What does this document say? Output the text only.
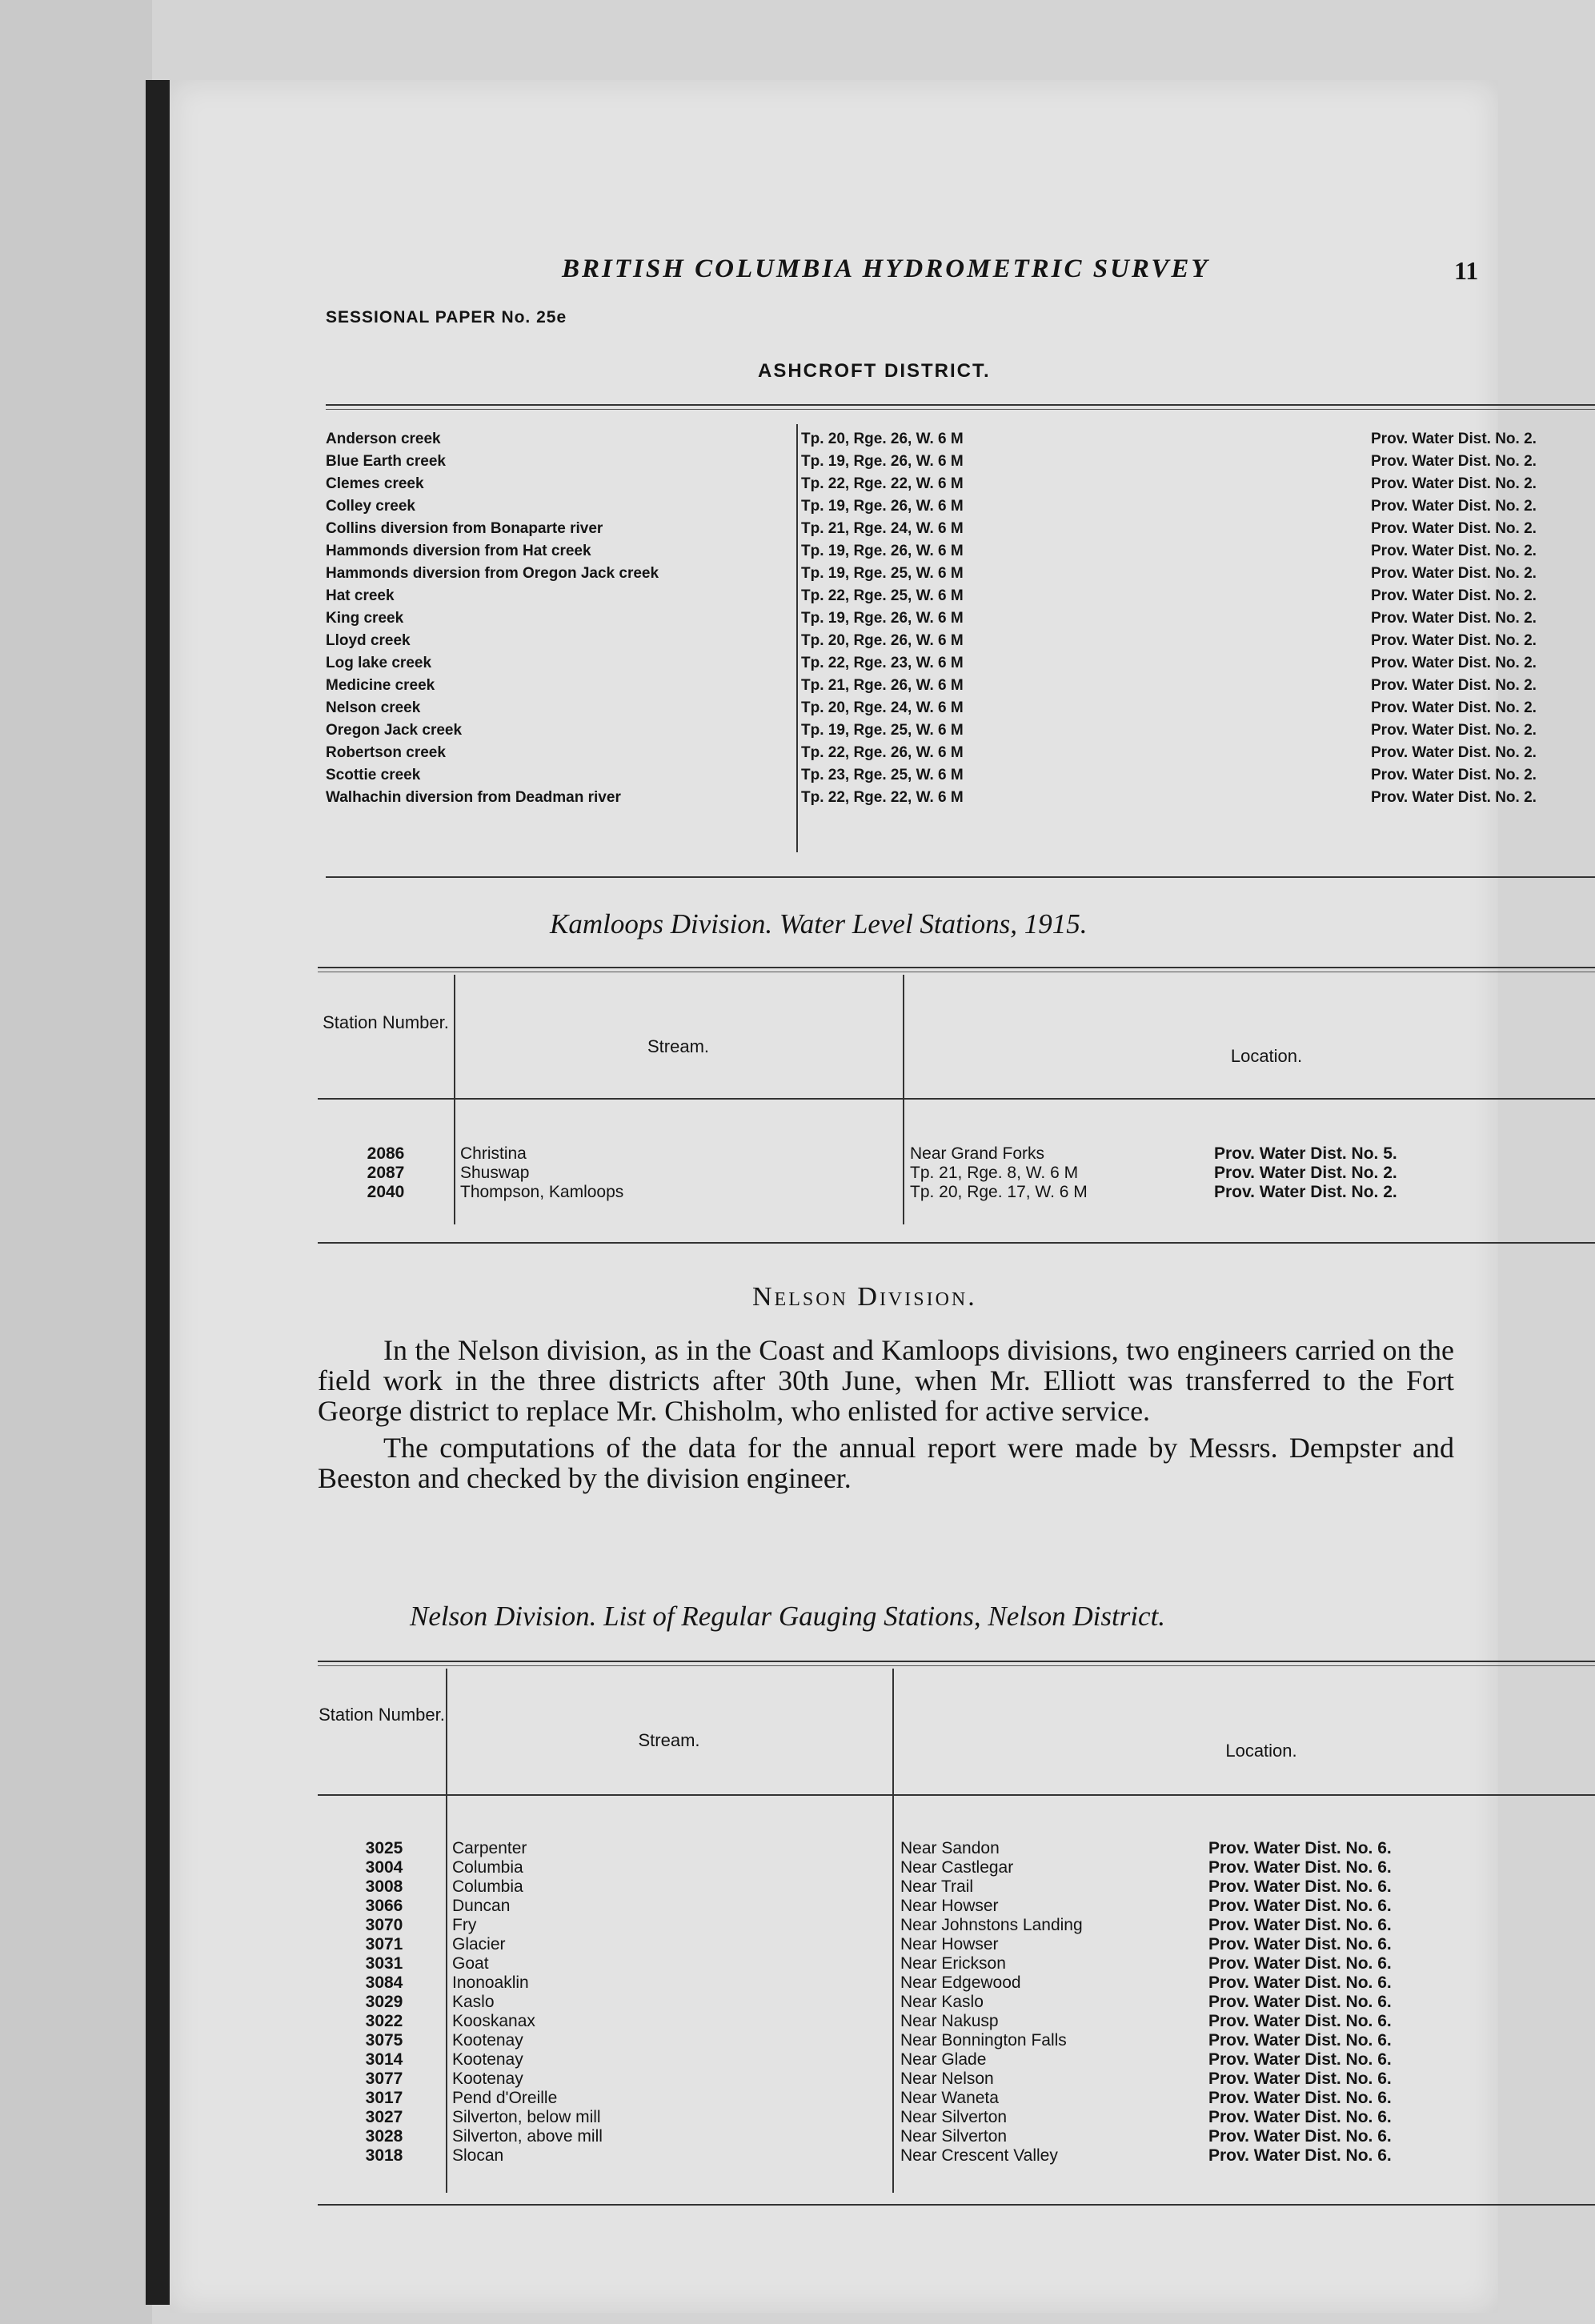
BRITISH COLUMBIA HYDROMETRIC SURVEY	11
SESSIONAL PAPER No. 25e
ASHCROFT DISTRICT.
Anderson creek	Tp. 20, Rge. 26, W. 6 M	Prov. Water Dist. No. 2.
Blue Earth creek	Tp. 19, Rge. 26, W. 6 M	Prov. Water Dist. No. 2.
Clemes creek	Tp. 22, Rge. 22, W. 6 M	Prov. Water Dist. No. 2.
Colley creek	Tp. 19, Rge. 26, W. 6 M	Prov. Water Dist. No. 2.
Collins diversion from Bonaparte river	Tp. 21, Rge. 24, W. 6 M	Prov. Water Dist. No. 2.
Hammonds diversion from Hat creek	Tp. 19, Rge. 26, W. 6 M	Prov. Water Dist. No. 2.
Hammonds diversion from Oregon Jack creek	Tp. 19, Rge. 25, W. 6 M	Prov. Water Dist. No. 2.
Hat creek	Tp. 22, Rge. 25, W. 6 M	Prov. Water Dist. No. 2.
King creek	Tp. 19, Rge. 26, W. 6 M	Prov. Water Dist. No. 2.
Lloyd creek	Tp. 20, Rge. 26, W. 6 M	Prov. Water Dist. No. 2.
Log lake creek	Tp. 22, Rge. 23, W. 6 M	Prov. Water Dist. No. 2.
Medicine creek	Tp. 21, Rge. 26, W. 6 M	Prov. Water Dist. No. 2.
Nelson creek	Tp. 20, Rge. 24, W. 6 M	Prov. Water Dist. No. 2.
Oregon Jack creek	Tp. 19, Rge. 25, W. 6 M	Prov. Water Dist. No. 2.
Robertson creek	Tp. 22, Rge. 26, W. 6 M	Prov. Water Dist. No. 2.
Scottie creek	Tp. 23, Rge. 25, W. 6 M	Prov. Water Dist. No. 2.
Walhachin diversion from Deadman river	Tp. 22, Rge. 22, W. 6 M	Prov. Water Dist. No. 2.
Kamloops Division. Water Level Stations, 1915.
Station Number.
Stream.	Location.
2086	Christina	Near Grand Forks	Prov. Water Dist. No. 5.
2087	Shuswap	Tp. 21, Rge. 8, W. 6 M	Prov. Water Dist. No. 2.
2040	Thompson, Kamloops	Tp. 20, Rge. 17, W. 6 M	Prov. Water Dist. No. 2.
Nelson Division.

In the Nelson division, as in the Coast and Kamloops divisions, two engineers carried on the field work in the three districts after 30th June, when Mr. Elliott was transferred to the Fort George district to replace Mr. Chisholm, who enlisted for active service.

The computations of the data for the annual report were made by Messrs. Dempster and Beeston and checked by the division engineer.

Nelson Division. List of Regular Gauging Stations, Nelson District.
Station Number.
Stream.
Location.
3025	Carpenter	Near Sandon	Prov. Water Dist. No. 6.
3004	Columbia	Near Castlegar	Prov. Water Dist. No. 6.
3008	Columbia	Near Trail	Prov. Water Dist. No. 6.
3066	Duncan	Near Howser	Prov. Water Dist. No. 6.
3070	Fry	Near Johnstons Landing	Prov. Water Dist. No. 6.
3071	Glacier	Near Howser	Prov. Water Dist. No. 6.
3031	Goat	Near Erickson	Prov. Water Dist. No. 6.
3084	Inonoaklin	Near Edgewood	Prov. Water Dist. No. 6.
3029	Kaslo	Near Kaslo	Prov. Water Dist. No. 6.
3022	Kooskanax	Near Nakusp	Prov. Water Dist. No. 6.
3075	Kootenay	Near Bonnington Falls	Prov. Water Dist. No. 6.
3014	Kootenay	Near Glade	Prov. Water Dist. No. 6.
3077	Kootenay	Near Nelson	Prov. Water Dist. No. 6.
3017	Pend d'Oreille	Near Waneta	Prov. Water Dist. No. 6.
3027	Silverton, below mill	Near Silverton	Prov. Water Dist. No. 6.
3028	Silverton, above mill	Near Silverton	Prov. Water Dist. No. 6.
3018	Slocan	Near Crescent Valley	Prov. Water Dist. No. 6.
